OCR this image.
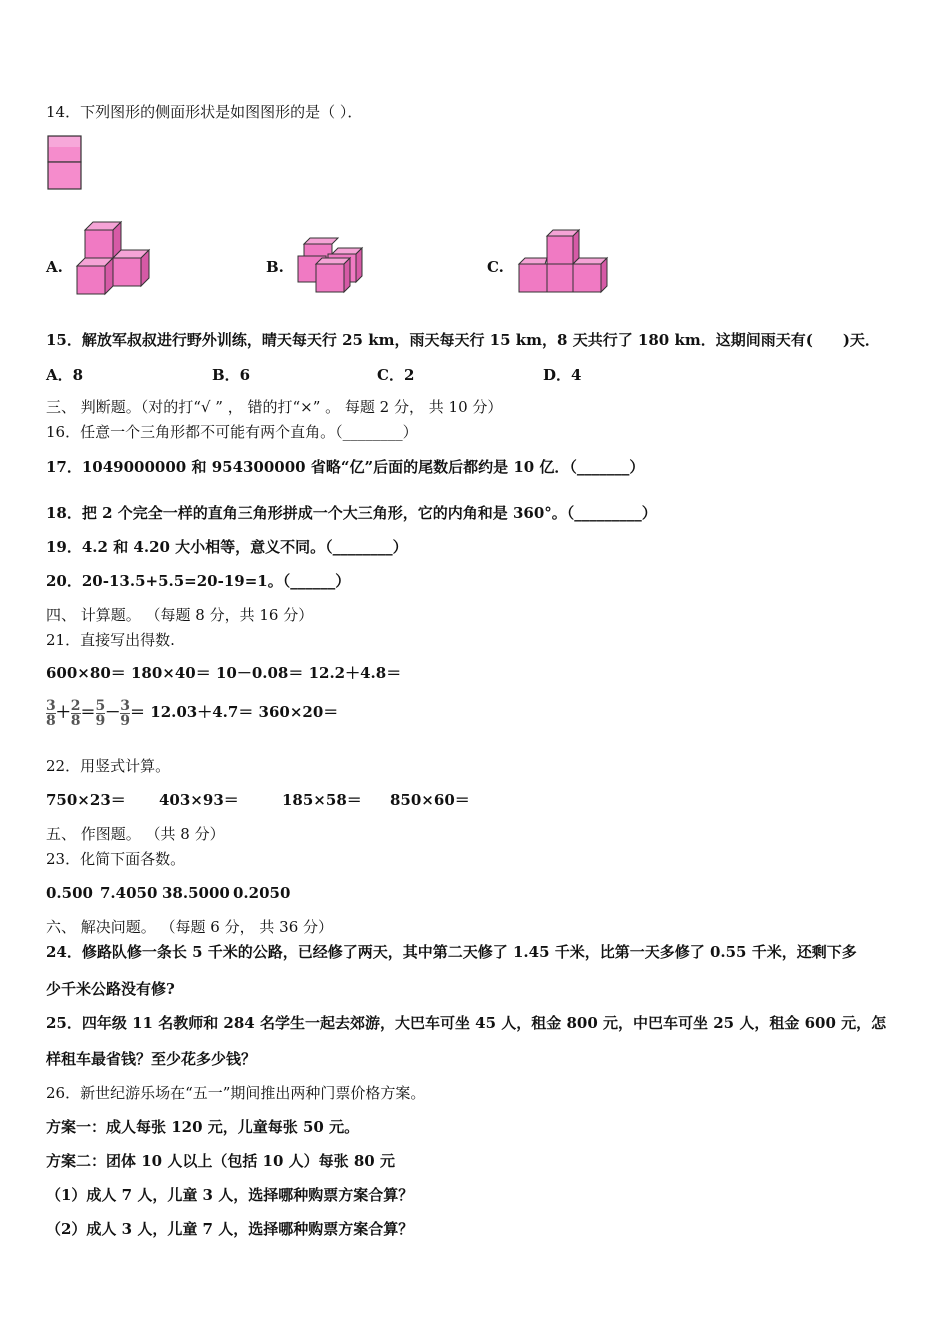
14．下列图形的侧面形状是如图图形的是（ ）．
A.	B.	C.
15．解放军叔叔进行野外训练，晴天每天行 25 km，雨天每天行 15 km，8 天共行了 180 km．这期间雨天有(　　)天．
A．8	B．6	C．2	D．4
三、 判断题。（对的打“√ ” ， 错的打“×” 。 每题 2 分， 共 10 分）
16．任意一个三角形都不可能有两个直角。（________）
17．1049000000 和 954300000 省略“亿”后面的尾数后都约是 10 亿．（_______）
18．把 2 个完全一样的直角三角形拼成一个大三角形，它的内角和是 360°。（_________）
19．4.2 和 4.20 大小相等，意义不同。（________）
20．20-13.5+5.5=20-19=1。（______）
四、 计算题。 （每题 8 分，共 16 分）
21．直接写出得数.
600×80＝ 180×40＝ 10－0.08＝ 12.2＋4.8＝
$\frac{3}{8} + \frac{2}{8} = \frac{5}{9} - \frac{3}{9} = 12.03+4.7= 360\times 20=$
22．用竖式计算。
750×23＝ 403×93＝	185×58＝ 850×60＝
五、 作图题。 （共 8 分）
23．化简下面各数。
0.500 7.4050 38.5000 0.2050
六、 解决问题。 （每题 6 分， 共 36 分）
24．修路队修一条长 5 千米的公路，已经修了两天，其中第二天修了 1.45 千米，比第一天多修了 0.55 千米，还剩下多
少千米公路没有修?
25．四年级 11 名教师和 284 名学生一起去郊游，大巴车可坐 45 人，租金 800 元，中巴车可坐 25 人，租金 600 元，怎
样租车最省钱？至少花多少钱？
26．新世纪游乐场在“五一”期间推出两种门票价格方案。
方案一：成人每张 120 元，儿童每张 50 元。
方案二：团体 10 人以上（包括 10 人）每张 80 元
（1）成人 7 人，儿童 3 人，选择哪种购票方案合算？
（2）成人 3 人，儿童 7 人，选择哪种购票方案合算？
